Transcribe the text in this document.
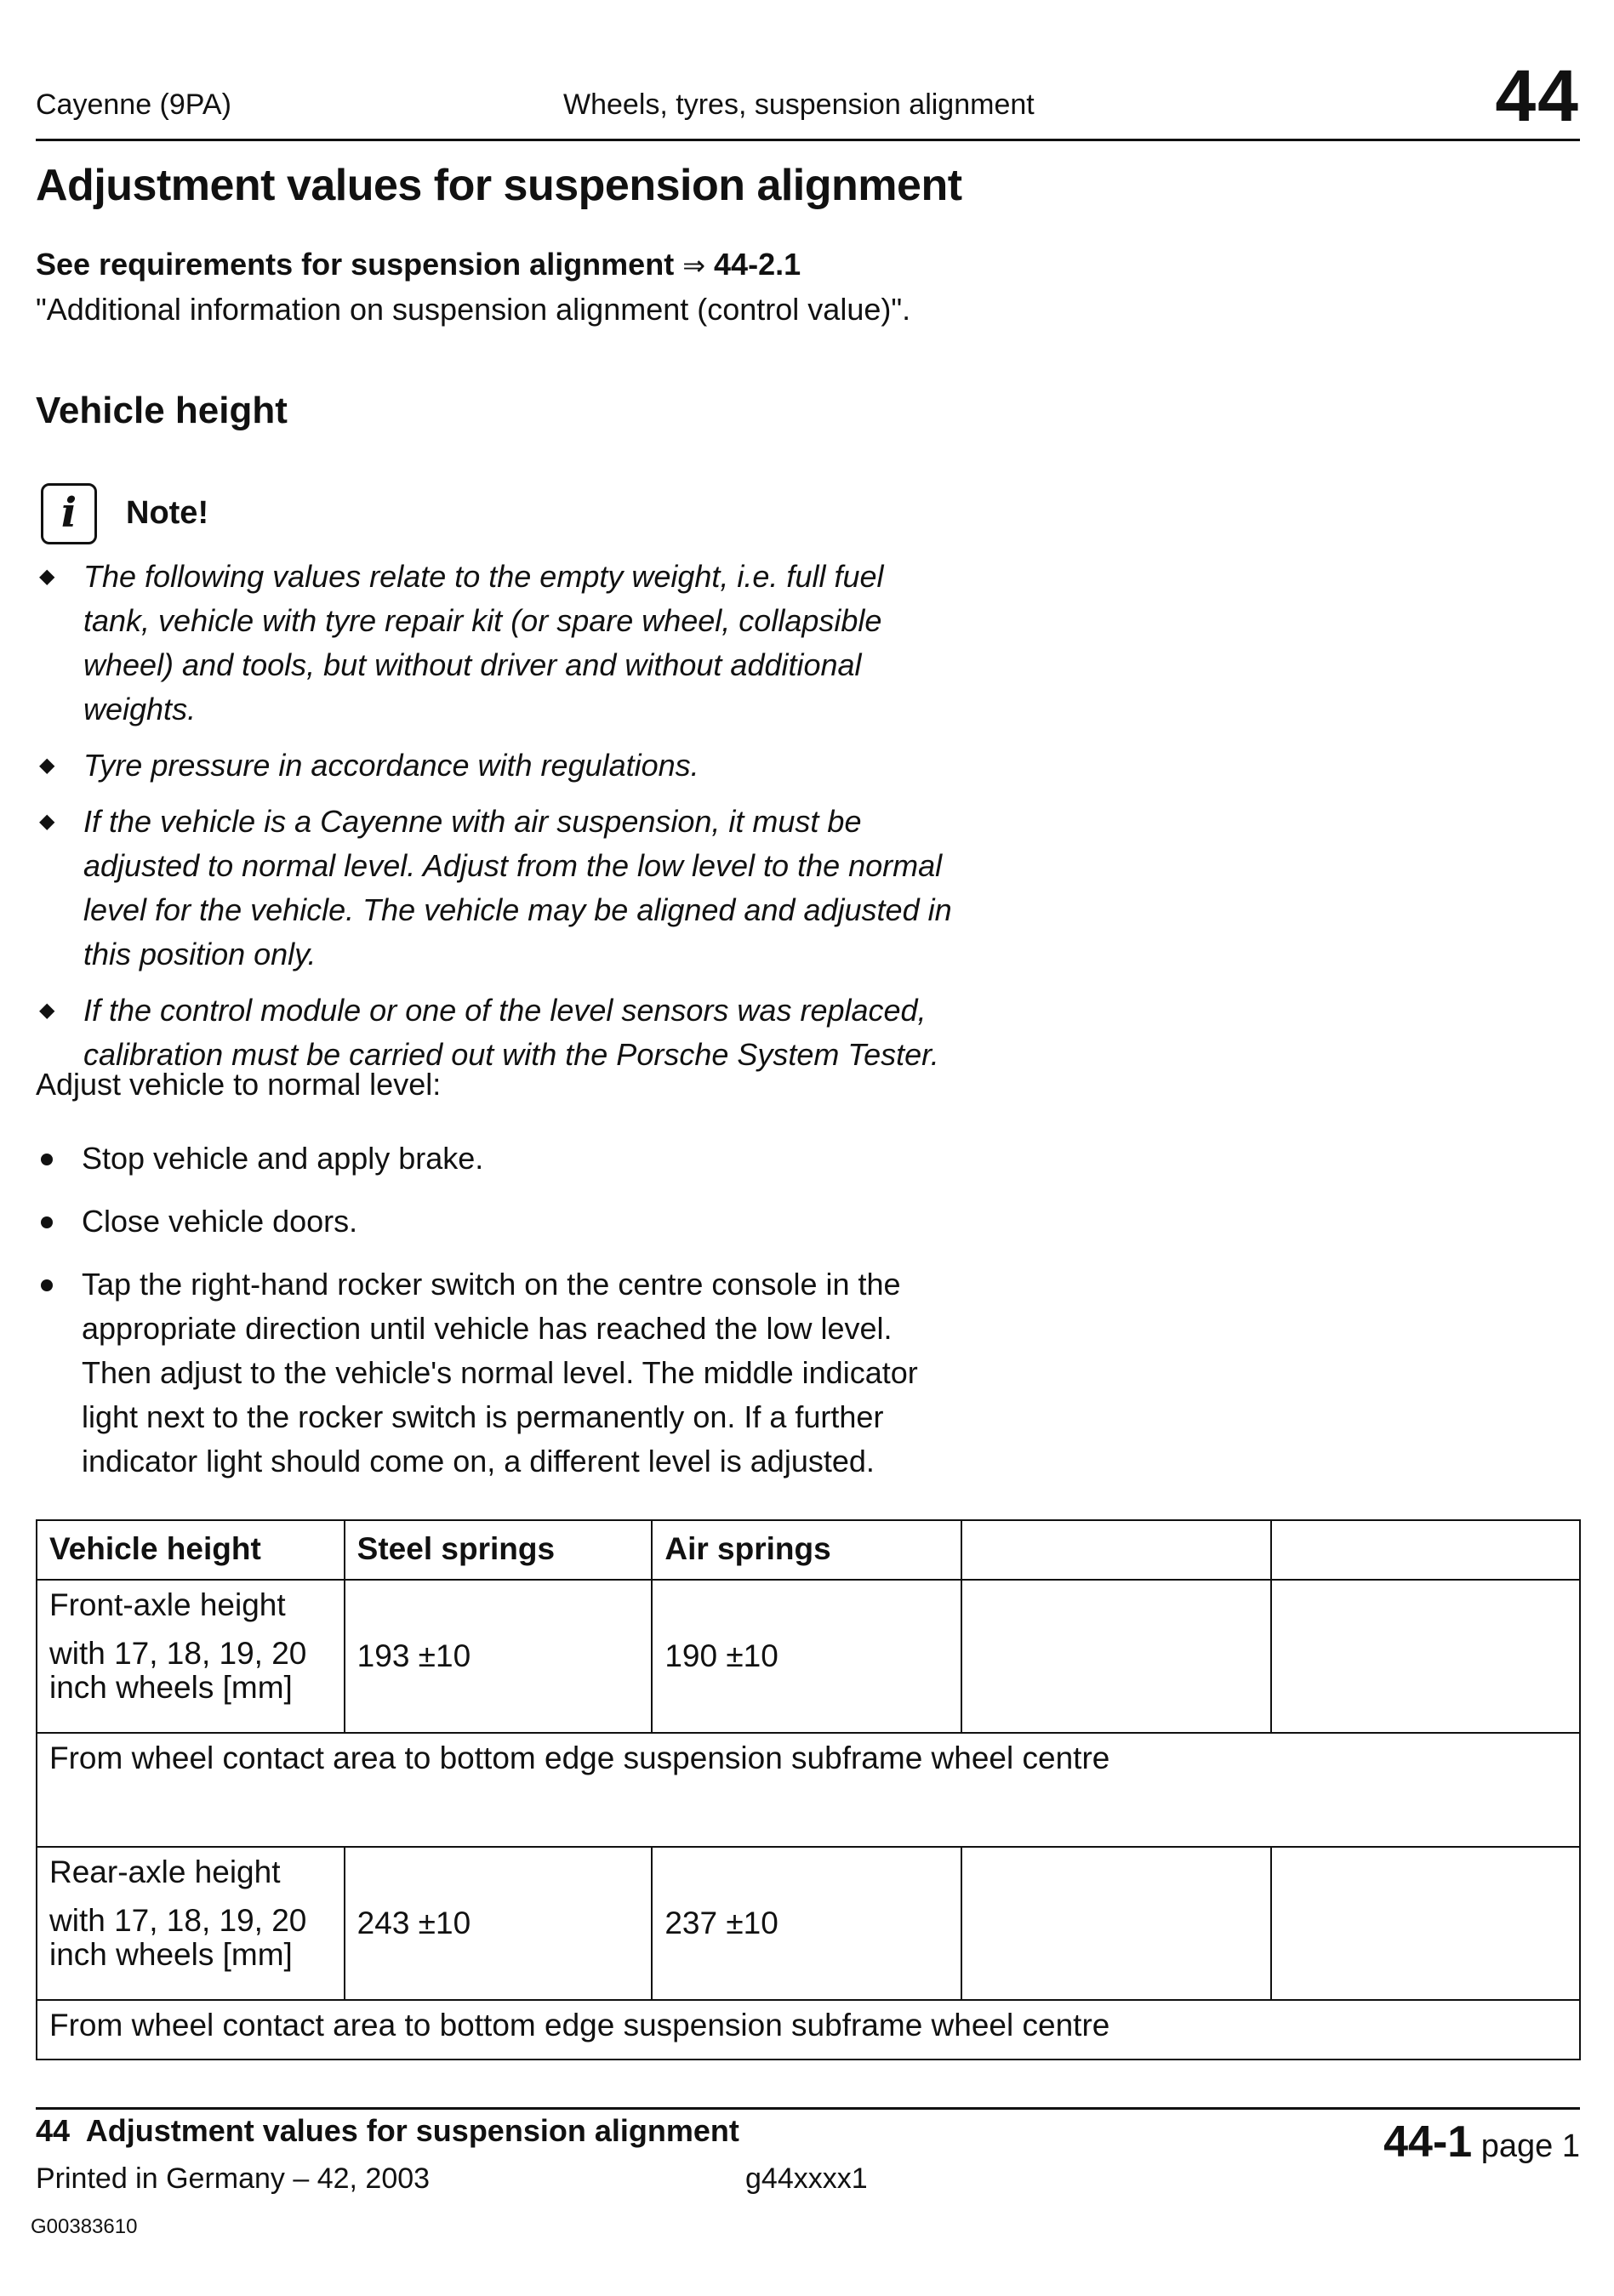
Cayenne (9PA)	Wheels, tyres, suspension alignment	44
Adjustment values for suspension alignment
See requirements for suspension alignment ⇒ 44-2.1 "Additional information on suspension alignment (control value)".
Vehicle height
i	Note!
◆ The following values relate to the empty weight, i.e. full fuel tank, vehicle with tyre repair kit (or spare wheel, collapsible wheel) and tools, but without driver and without additional weights.
◆ Tyre pressure in accordance with regulations.
◆ If the vehicle is a Cayenne with air suspension, it must be adjusted to normal level. Adjust from the low level to the normal level for the vehicle. The vehicle may be aligned and adjusted in this position only.
◆ If the control module or one of the level sensors was replaced, calibration must be carried out with the Porsche System Tester.
Adjust vehicle to normal level:
Stop vehicle and apply brake.
Close vehicle doors.
Tap the right-hand rocker switch on the centre console in the appropriate direction until vehicle has reached the low level. Then adjust to the vehicle's normal level. The middle indicator light next to the rocker switch is permanently on. If a further indicator light should come on, a different level is adjusted.
Vehicle height	Steel springs	Air springs		

Front-axle height

with 17, 18, 19, 20 inch wheels [mm]	193 ±10	190 ±10		
From wheel contact area to bottom edge suspension subframe wheel centre				

Rear-axle height

with 17, 18, 19, 20 inch wheels [mm]	243 ±10	237 ±10		
From wheel contact area to bottom edge suspension subframe wheel centre				
44  Adjustment values for suspension alignment
Printed in Germany – 42, 2003	g44xxxx1
44-1 page 1
G00383610
